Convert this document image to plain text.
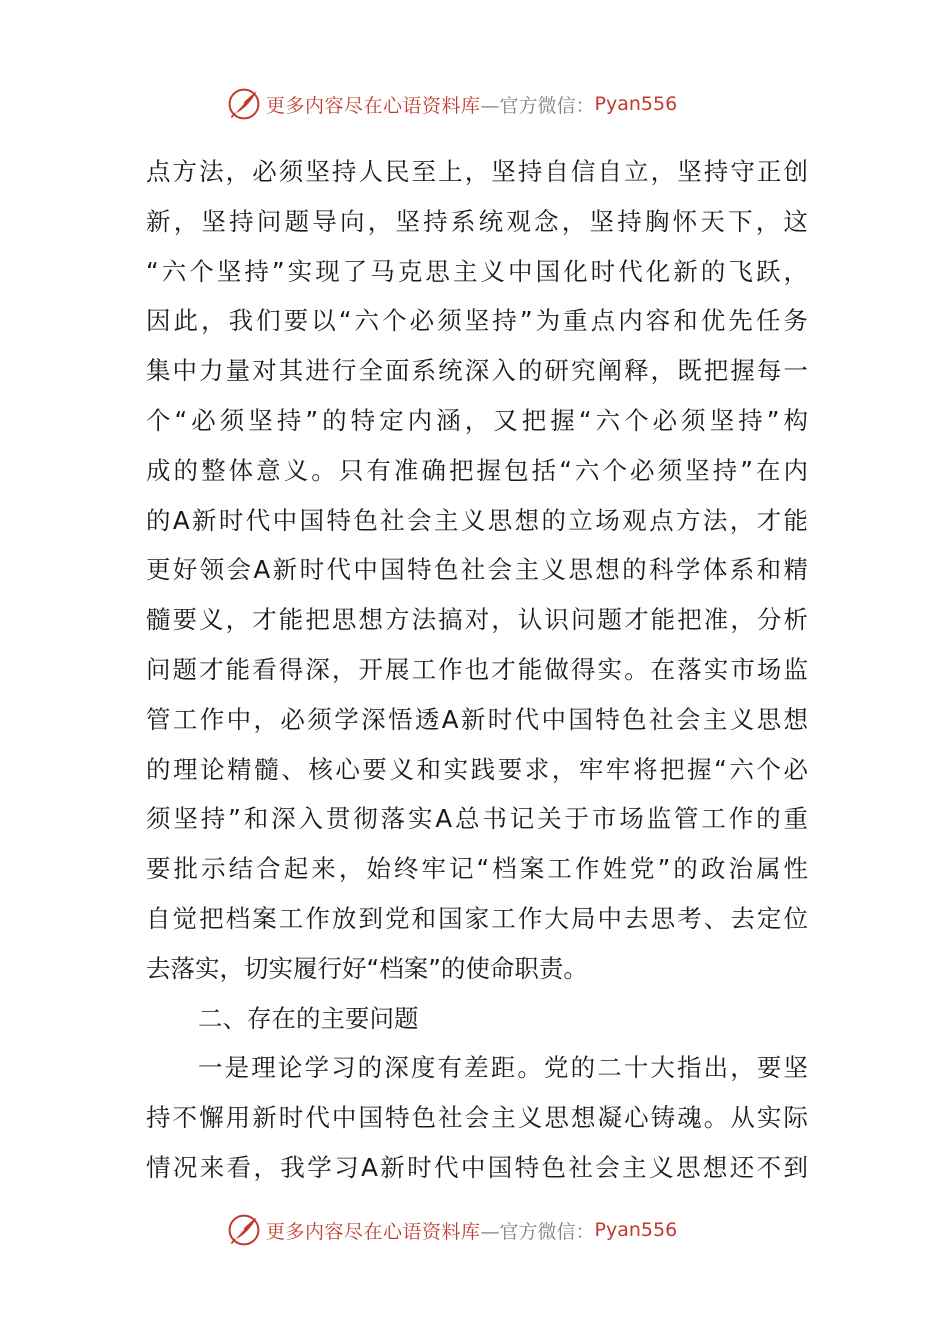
更多内容尽在心语资料库 —官方微信： Pyan556
点方法，必须坚持人民至上，坚持自信自立，坚持守正创
新，坚持问题导向，坚持系统观念，坚持胸怀天下，这
“六个坚持”实现了马克思主义中国化时代化新的飞跃，
因此，我们要以“六个必须坚持”为重点内容和优先任务
集中力量对其进行全面系统深入的研究阐释，既把握每一
个“必须坚持”的特定内涵，又把握“六个必须坚持”构
成的整体意义。只有准确把握包括“六个必须坚持”在内
的A新时代中国特色社会主义思想的立场观点方法，才能
更好领会A新时代中国特色社会主义思想的科学体系和精
髓要义，才能把思想方法搞对，认识问题才能把准，分析
问题才能看得深，开展工作也才能做得实。在落实市场监
管工作中，必须学深悟透A新时代中国特色社会主义思想
的理论精髓、核心要义和实践要求，牢牢将把握“六个必
须坚持”和深入贯彻落实A总书记关于市场监管工作的重
要批示结合起来，始终牢记“档案工作姓党”的政治属性
自觉把档案工作放到党和国家工作大局中去思考、去定位
去落实，切实履行好“档案”的使命职责。
二、存在的主要问题
一是理论学习的深度有差距。党的二十大指出，要坚
持不懈用新时代中国特色社会主义思想凝心铸魂。从实际
情况来看，我学习A新时代中国特色社会主义思想还不到
更多内容尽在心语资料库 —官方微信： Pyan556
